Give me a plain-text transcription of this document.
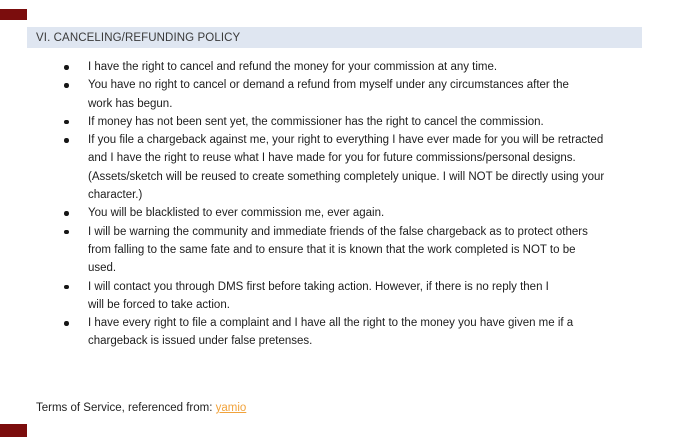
VI. CANCELING/REFUNDING POLICY
I have the right to cancel and refund the money for your commission at any time.
You have no right to cancel or demand a refund from myself under any circumstances after the
work has begun.
If money has not been sent yet, the commissioner has the right to cancel the commission.
If you file a chargeback against me, your right to everything I have ever made for you will be retracted
and I have the right to reuse what I have made for you for future commissions/personal designs.
(Assets/sketch will be reused to create something completely unique. I will NOT be directly using your
character.)
You will be blacklisted to ever commission me, ever again.
I will be warning the community and immediate friends of the false chargeback as to protect others
from falling to the same fate and to ensure that it is known that the work completed is NOT to be
used.
I will contact you through DMS first before taking action. However, if there is no reply then I
will be forced to take action.
I have every right to file a complaint and I have all the right to the money you have given me if a
chargeback is issued under false pretenses.
Terms of Service, referenced from: yamio
